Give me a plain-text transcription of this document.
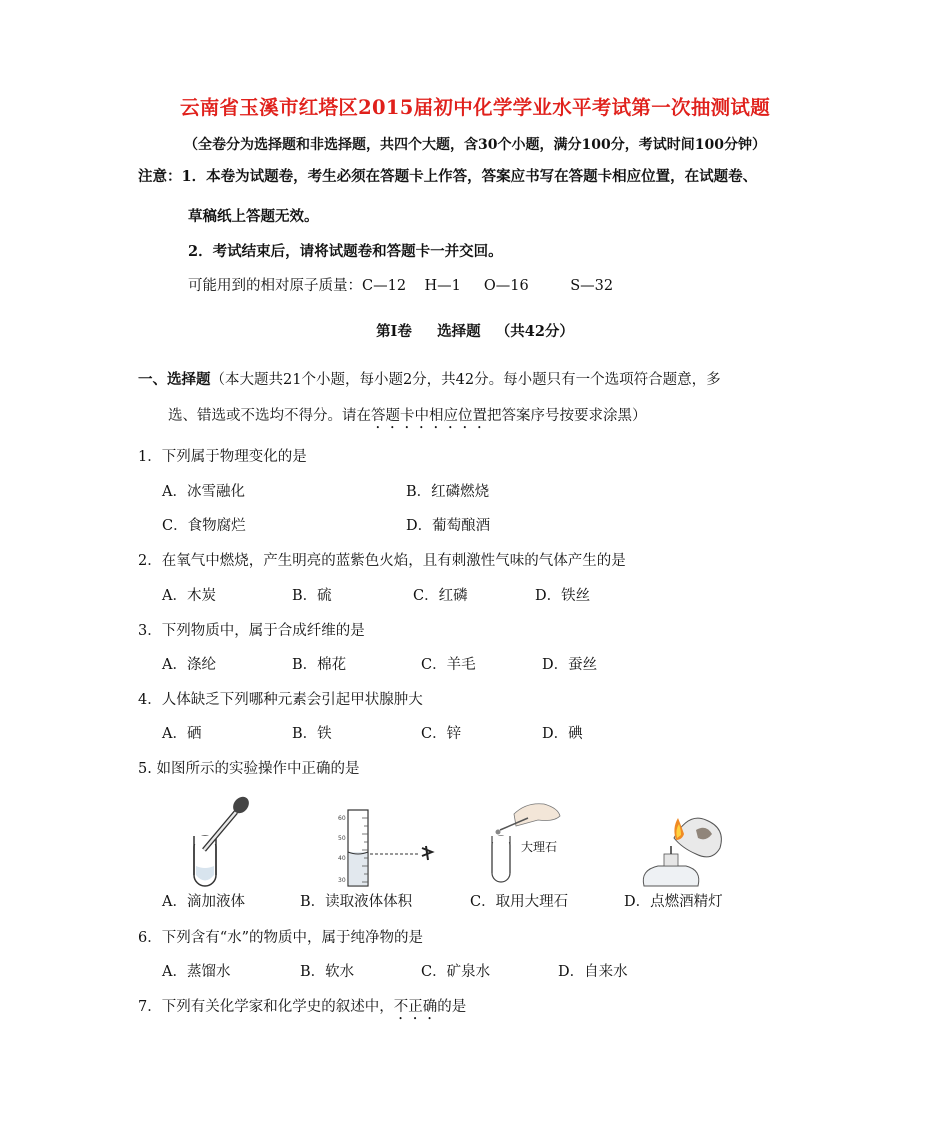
云南省玉溪市红塔区2015届初中化学学业水平考试第一次抽测试题
（全卷分为选择题和非选择题，共四个大题，含30个小题，满分100分，考试时间100分钟）
注意：1．本卷为试题卷，考生必须在答题卡上作答，答案应书写在答题卡相应位置，在试题卷、
草稿纸上答题无效。
2．考试结束后，请将试题卷和答题卡一并交回。
可能用到的相对原子质量：C—12    H—1     O—16         S—32
第Ⅰ卷     选择题   （共42分）
一、选择题（本大题共21个小题，每小题2分，共42分。每小题只有一个选项符合题意，多
选、错选或不选均不得分。请在答题卡中相应位置把答案序号按要求涂黑）
1．下列属于物理变化的是
A．冰雪融化	B．红磷燃烧
C．食物腐烂	D．葡萄酿酒
2．在氧气中燃烧，产生明亮的蓝紫色火焰，且有刺激性气味的气体产生的是
A．木炭	B．硫	C．红磷	D．铁丝
3．下列物质中，属于合成纤维的是
A．涤纶	B．棉花	C．羊毛	D．蚕丝
4．人体缺乏下列哪种元素会引起甲状腺肿大
A．硒	B．铁	C．锌	D．碘
5. 如图所示的实验操作中正确的是
60
50
40
30
大理石
A．滴加液体	B．读取液体体积	C．取用大理石	D．点燃酒精灯
6．下列含有“水”的物质中，属于纯净物的是
A．蒸馏水	B．软水	C．矿泉水	D．自来水
7．下列有关化学家和化学史的叙述中，不正确的是
